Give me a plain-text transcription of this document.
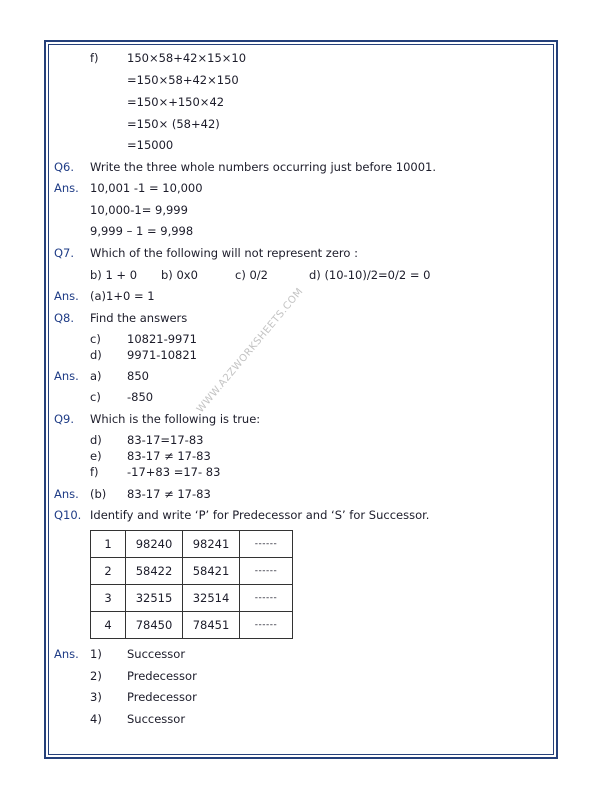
WWW.A2ZWORKSHEETS.COM
f) 150×58+42×15×10
=150×58+42×150
=150×+150×42
=150× (58+42)
=15000
Q6. Write the three whole numbers occurring just before 10001.
Ans. 10,001 -1 = 10,000
10,000-1= 9,999
9,999 – 1 = 9,998
Q7. Which of the following will not represent zero :
b) 1 + 0 b) 0x0	c) 0/2	d) (10-10)/2=0/2 = 0
Ans. (a)1+0 = 1
Q8. Find the answers
c) 10821-9971
d) 9971-10821
Ans. a) 850
c) -850
Q9. Which is the following is true:
d) 83-17=17-83
e) 83-17 ≠ 17-83
f) -17+83 =17- 83
Ans. (b) 83-17 ≠ 17-83
Q10. Identify and write ‘P’ for Predecessor and ‘S’ for Successor.
1	98240	98241	------
2	58422	58421	------
3	32515	32514	------
4	78450	78451	------
Ans. 1) Successor
2) Predecessor
3) Predecessor
4) Successor
